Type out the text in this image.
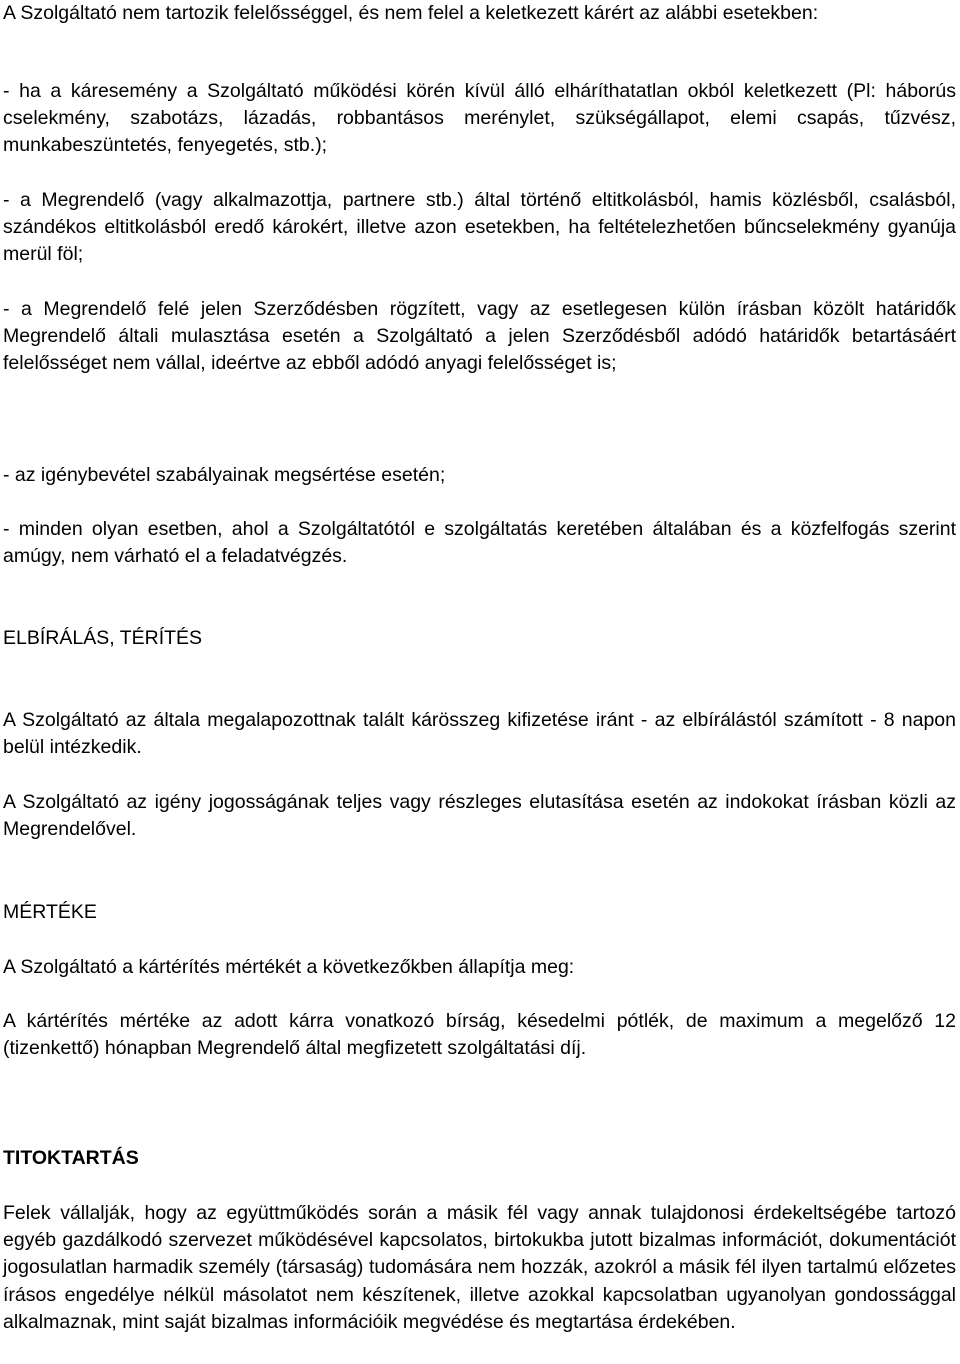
A Szolgáltató nem tartozik felelősséggel, és nem felel a keletkezett kárért az alábbi esetekben:

- ha a káresemény a Szolgáltató működési körén kívül álló elháríthatatlan okból keletkezett (Pl: háborús cselekmény, szabotázs, lázadás, robbantásos merénylet, szükségállapot, elemi csapás, tűzvész, munkabeszüntetés, fenyegetés, stb.);

- a Megrendelő (vagy alkalmazottja, partnere stb.) által történő eltitkolásból, hamis közlésből, csalásból, szándékos eltitkolásból eredő károkért, illetve azon esetekben, ha feltételezhetően bűncselekmény gyanúja merül föl;

- a Megrendelő felé jelen Szerződésben rögzített, vagy az esetlegesen külön írásban közölt határidők Megrendelő általi mulasztása esetén a Szolgáltató a jelen Szerződésből adódó határidők betartásáért felelősséget nem vállal, ideértve az ebből adódó anyagi felelősséget is;

- az igénybevétel szabályainak megsértése esetén;

- minden olyan esetben, ahol a Szolgáltatótól e szolgáltatás keretében általában és a közfelfogás szerint amúgy, nem várható el a feladatvégzés.

ELBÍRÁLÁS, TÉRÍTÉS

A Szolgáltató az általa megalapozottnak talált kárösszeg kifizetése iránt - az elbírálástól számított - 8 napon belül intézkedik.

A Szolgáltató az igény jogosságának teljes vagy részleges elutasítása esetén az indokokat írásban közli az Megrendelővel.

MÉRTÉKE

A Szolgáltató a kártérítés mértékét a következőkben állapítja meg:

A kártérítés mértéke az adott kárra vonatkozó bírság, késedelmi pótlék, de maximum a megelőző 12 (tizenkettő) hónapban Megrendelő által megfizetett szolgáltatási díj.

TITOKTARTÁS

Felek vállalják, hogy az együttműködés során a másik fél vagy annak tulajdonosi érdekeltségébe tartozó egyéb gazdálkodó szervezet működésével kapcsolatos, birtokukba jutott bizalmas információt, dokumentációt jogosulatlan harmadik személy (társaság) tudomására nem hozzák, azokról a másik fél ilyen tartalmú előzetes írásos engedélye nélkül másolatot nem készítenek, illetve azokkal kapcsolatban ugyanolyan gondossággal alkalmaznak, mint saját bizalmas információik megvédése és megtartása érdekében.
